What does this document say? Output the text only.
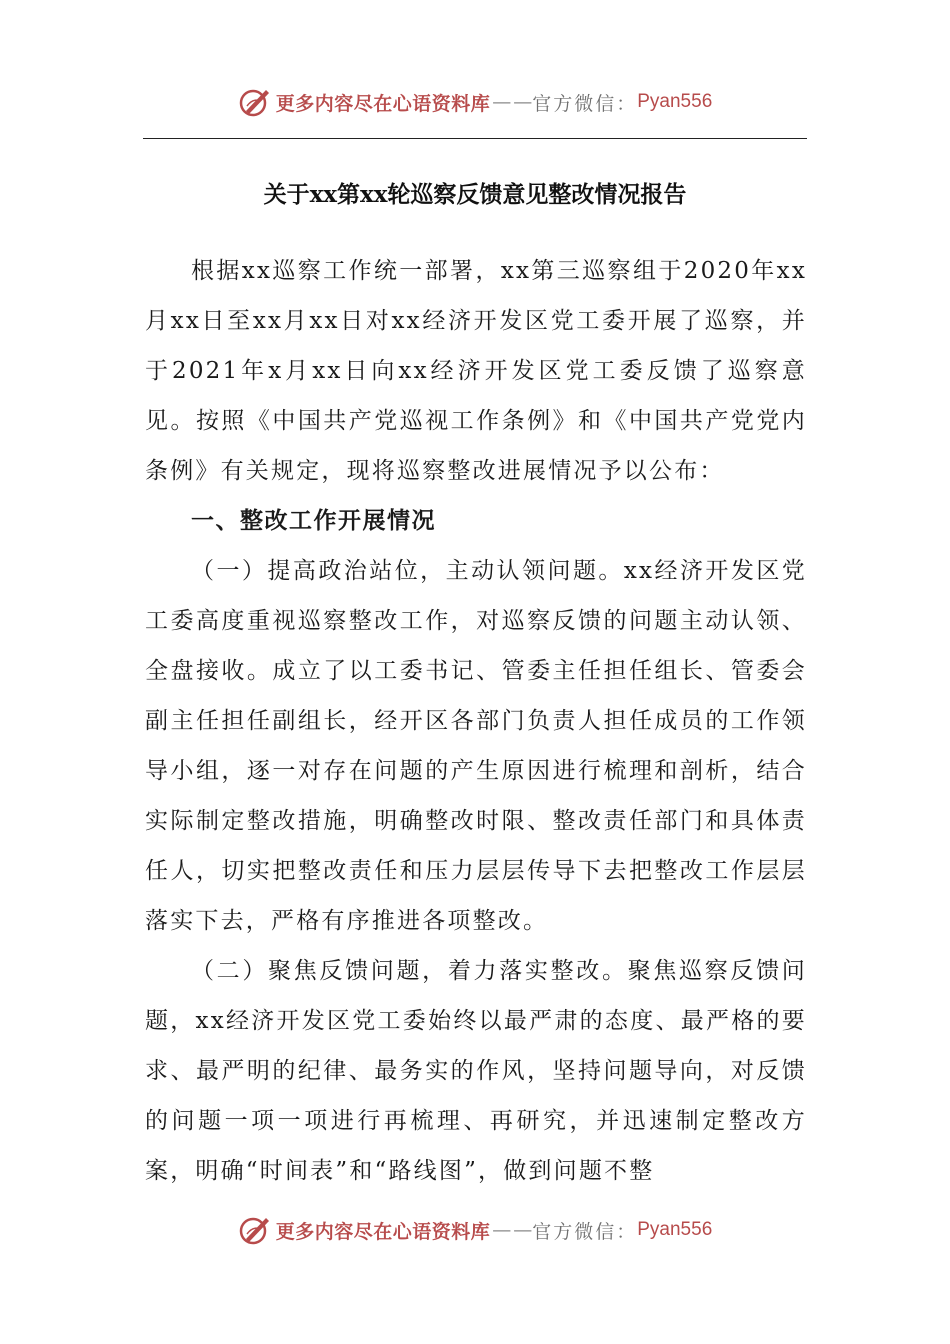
更多内容尽在心语资料库 — — 官方微信： Pyan556
关于xx第xx轮巡察反馈意见整改情况报告

根据xx巡察工作统一部署，xx第三巡察组于2020年xx月xx日至xx月xx日对xx经济开发区党工委开展了巡察，并于2021年x月xx日向xx经济开发区党工委反馈了巡察意见。按照《中国共产党巡视工作条例》和《中国共产党党内条例》有关规定，现将巡察整改进展情况予以公布：

一、整改工作开展情况

（一）提高政治站位，主动认领问题。xx经济开发区党工委高度重视巡察整改工作，对巡察反馈的问题主动认领、全盘接收。成立了以工委书记、管委主任担任组长、管委会副主任担任副组长，经开区各部门负责人担任成员的工作领导小组，逐一对存在问题的产生原因进行梳理和剖析，结合实际制定整改措施，明确整改时限、整改责任部门和具体责任人，切实把整改责任和压力层层传导下去把整改工作层层落实下去，严格有序推进各项整改。

（二）聚焦反馈问题，着力落实整改。聚焦巡察反馈问题，xx经济开发区党工委始终以最严肃的态度、最严格的要求、最严明的纪律、最务实的作风，坚持问题导向，对反馈的问题一项一项进行再梳理、再研究，并迅速制定整改方案，明确“时间表”和“路线图”，做到问题不整

更多内容尽在心语资料库 — — 官方微信： Pyan556
